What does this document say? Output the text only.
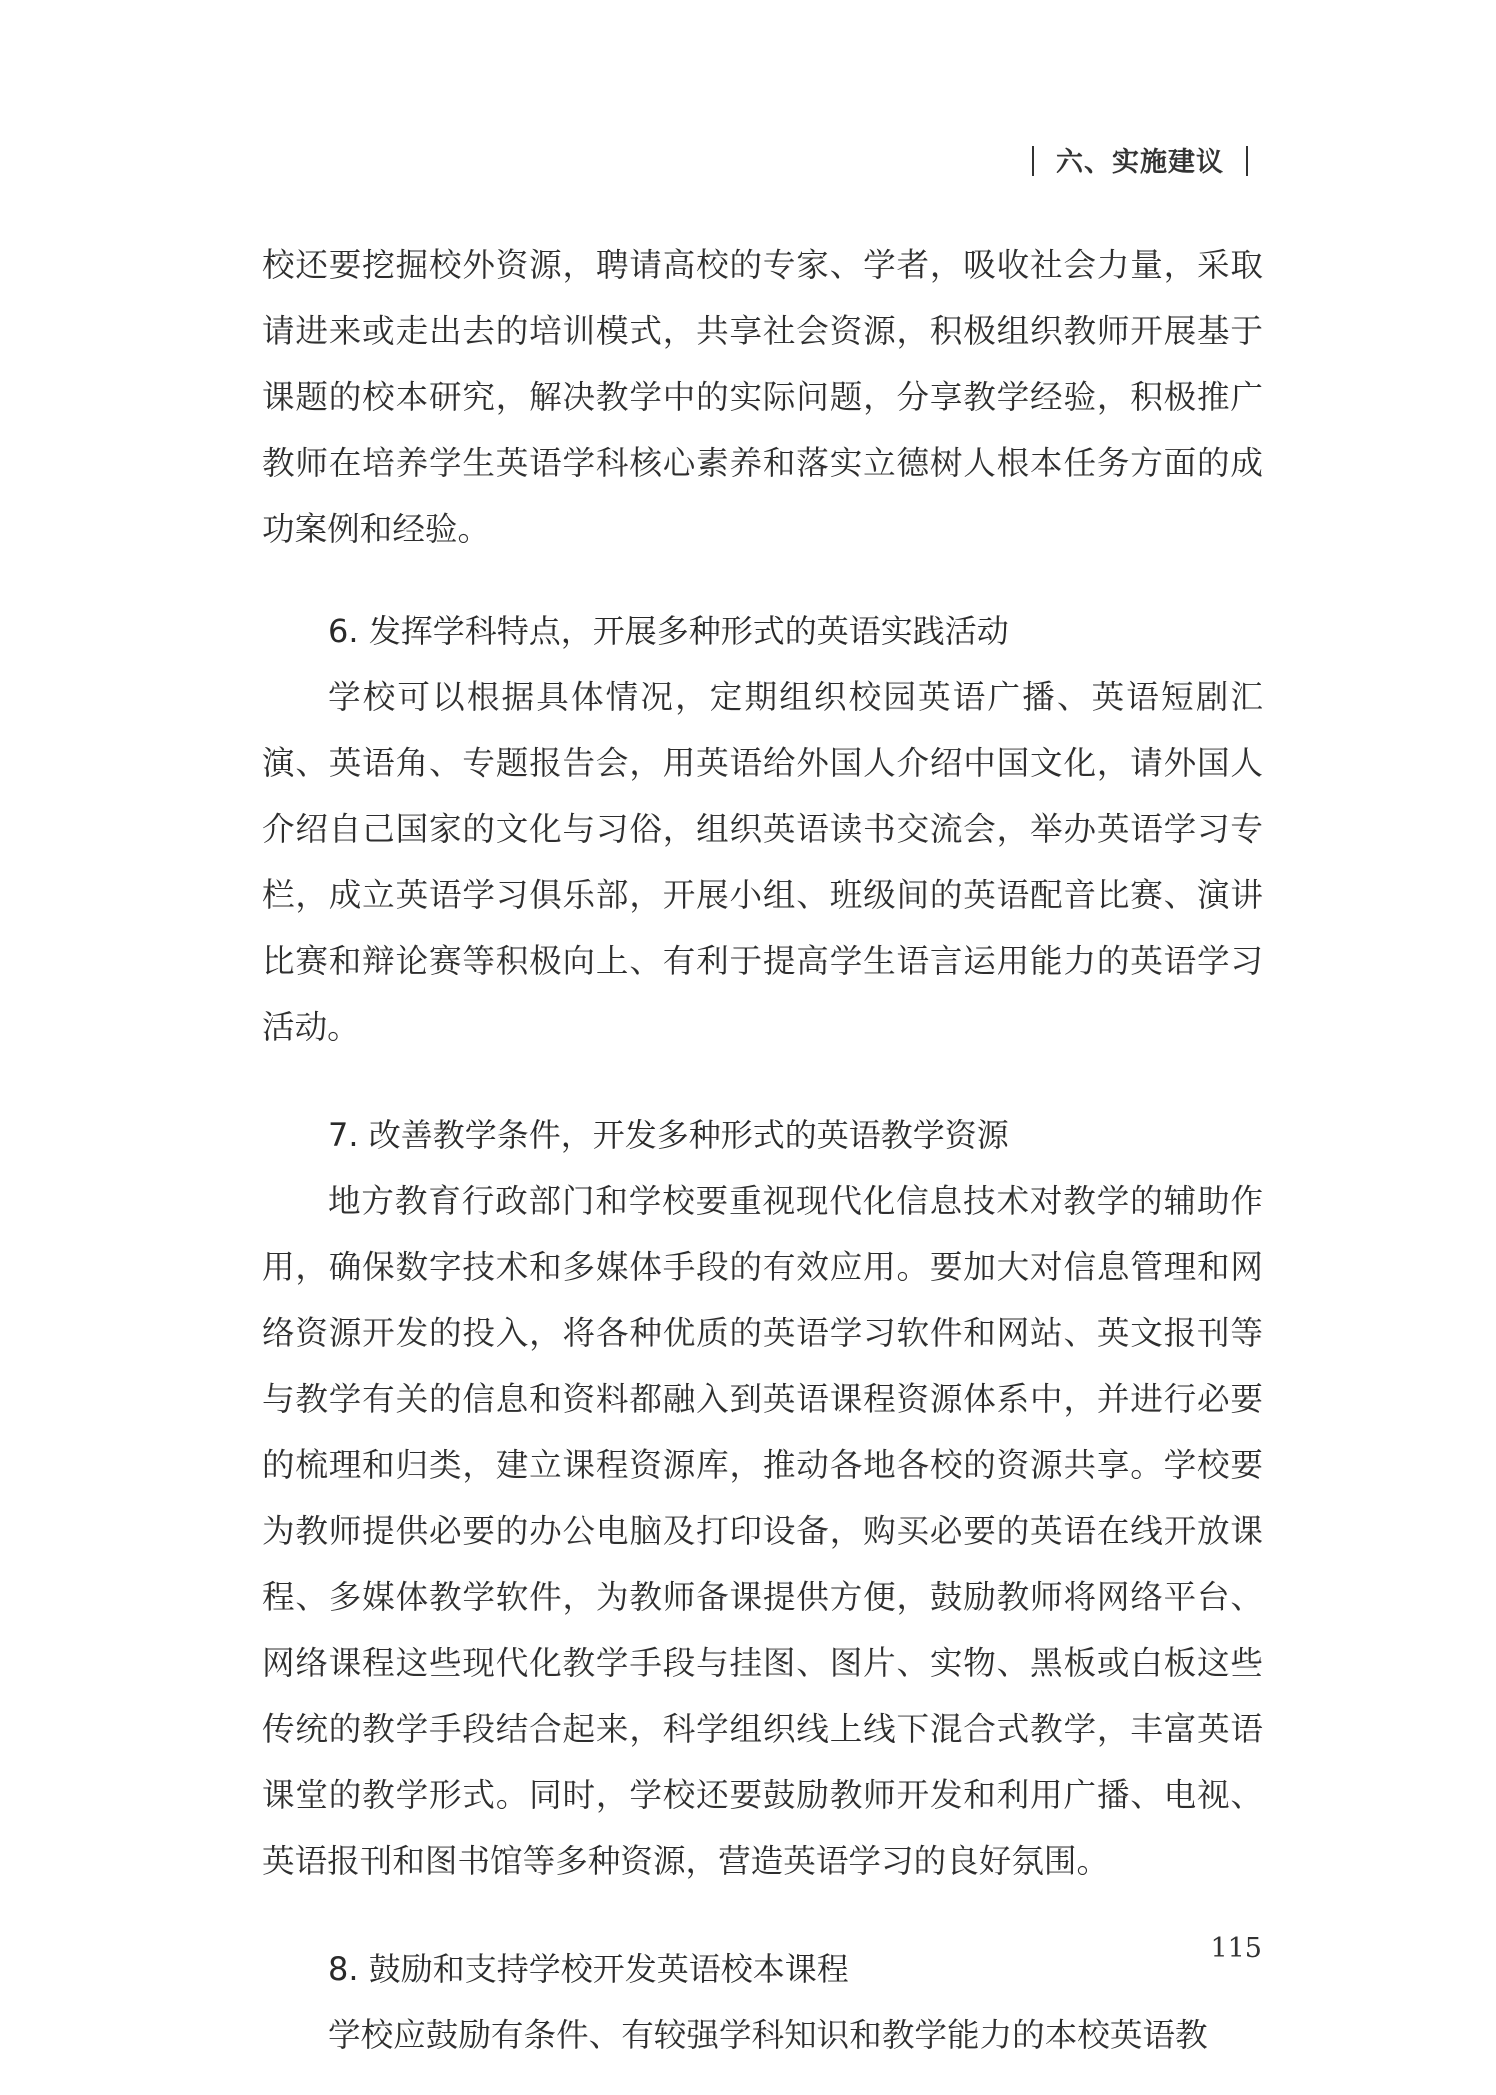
六、实施建议

校还要挖掘校外资源，聘请高校的专家、学者，吸收社会力量，采取请进来或走出去的培训模式，共享社会资源，积极组织教师开展基于课题的校本研究，解决教学中的实际问题，分享教学经验，积极推广教师在培养学生英语学科核心素养和落实立德树人根本任务方面的成功案例和经验。

6. 发挥学科特点，开展多种形式的英语实践活动

学校可以根据具体情况，定期组织校园英语广播、英语短剧汇演、英语角、专题报告会，用英语给外国人介绍中国文化，请外国人介绍自己国家的文化与习俗，组织英语读书交流会，举办英语学习专栏，成立英语学习俱乐部，开展小组、班级间的英语配音比赛、演讲比赛和辩论赛等积极向上、有利于提高学生语言运用能力的英语学习活动。

7. 改善教学条件，开发多种形式的英语教学资源

地方教育行政部门和学校要重视现代化信息技术对教学的辅助作用，确保数字技术和多媒体手段的有效应用。要加大对信息管理和网络资源开发的投入，将各种优质的英语学习软件和网站、英文报刊等与教学有关的信息和资料都融入到英语课程资源体系中，并进行必要的梳理和归类，建立课程资源库，推动各地各校的资源共享。学校要为教师提供必要的办公电脑及打印设备，购买必要的英语在线开放课程、多媒体教学软件，为教师备课提供方便，鼓励教师将网络平台、网络课程这些现代化教学手段与挂图、图片、实物、黑板或白板这些传统的教学手段结合起来，科学组织线上线下混合式教学，丰富英语课堂的教学形式。同时，学校还要鼓励教师开发和利用广播、电视、英语报刊和图书馆等多种资源，营造英语学习的良好氛围。

8. 鼓励和支持学校开发英语校本课程

学校应鼓励有条件、有较强学科知识和教学能力的本校英语教

115
